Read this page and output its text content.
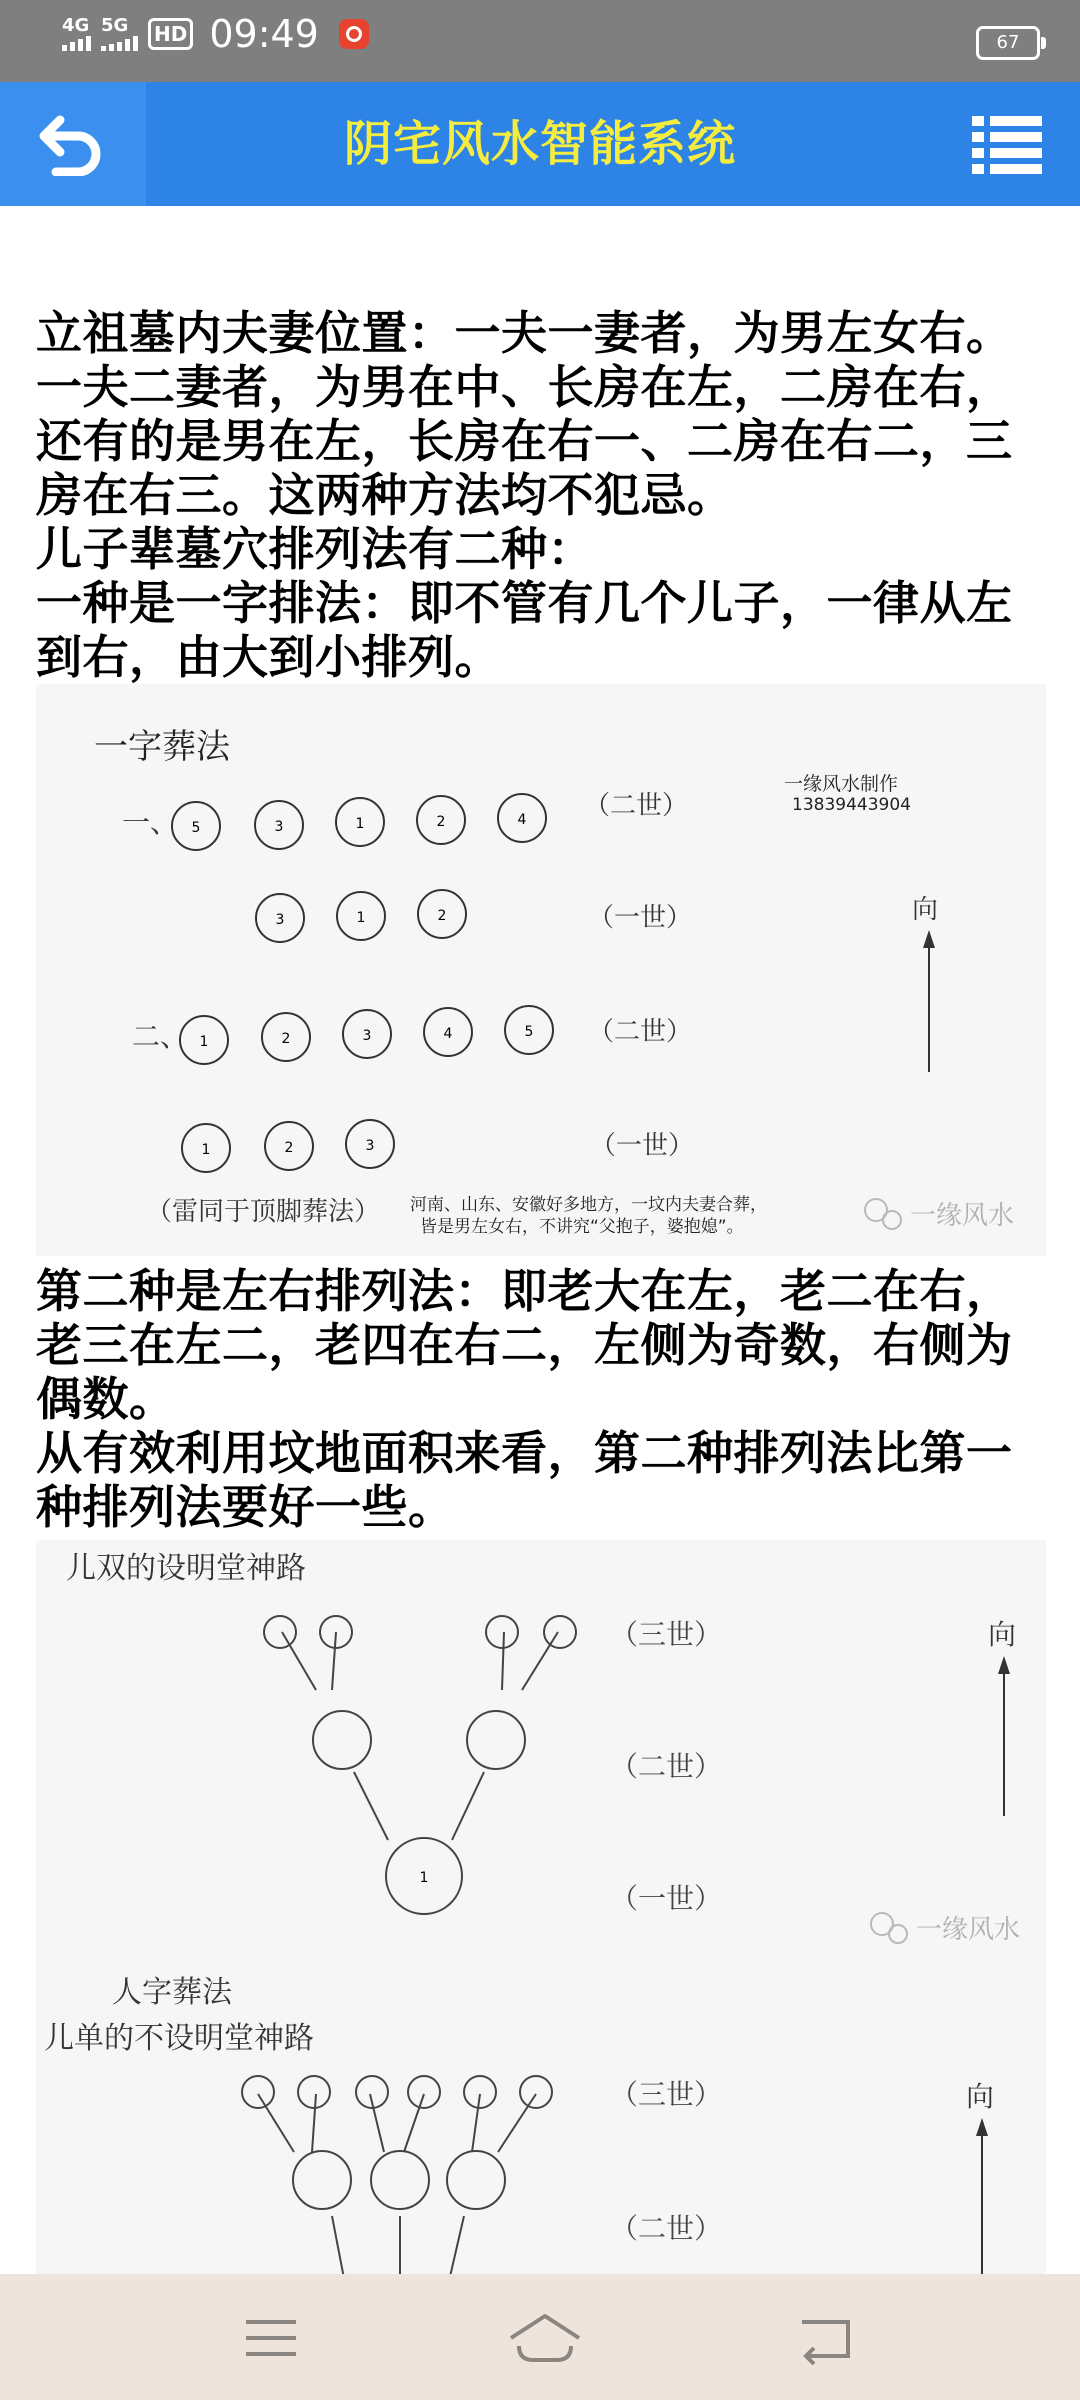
4G 5G	HD 09:49	67
阴宅风水智能系统

立祖墓内夫妻位置：一夫一妻者，为男左女右。一夫二妻者，为男在中、长房在左，二房在右，还有的是男在左，长房在右一、二房在右二，三房在右三。这两种方法均不犯忌。
儿子辈墓穴排列法有二种：
一种是一字排法：即不管有几个儿子，一律从左到右，由大到小排列。

一字葬法
一缘风水制作
13839443904
一、 5	3	1	2	4 （二世）
3	1	2	（一世）	向
二、 1	2	3	4	5 （二世）
1	2	3	（一世）
（雷同于顶脚葬法） 河南、山东、安徽好多地方，一坟内夫妻合葬，
皆是男左女右，不讲究“父抱子，婆抱媳”。	一缘风水

第二种是左右排列法：即老大在左，老二在右，老三在左二，老四在右二，左侧为奇数，右侧为偶数。
从有效利用坟地面积来看，第二种排列法比第一种排列法要好一些。

儿双的设明堂神路
1
（三世）
（二世）
（一世）
向
一缘风水
人字葬法
儿单的不设明堂神路
（三世）
（二世）
向
